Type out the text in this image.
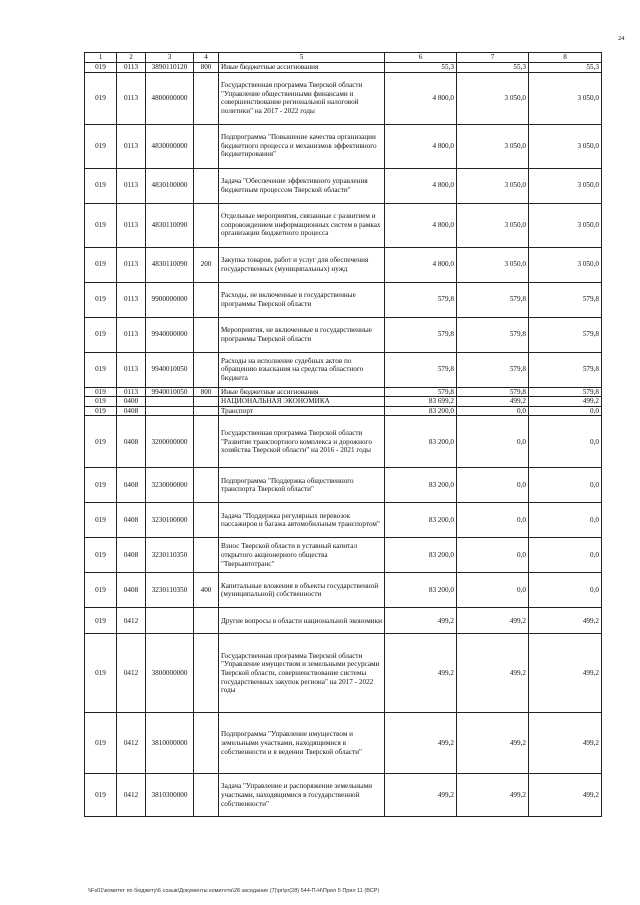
24
1	2	3	4	5	6	7	8
019	0113	3890110120	800	Иные бюджетные ассигнования	55,3	55,3	55,3
019	0113	4800000000		Государственная программа Тверской области "Управление общественными финансами и совершенствование региональной налоговой политики" на 2017 - 2022 годы	4 800,0	3 050,0	3 050,0
019	0113	4830000000		Подпрограмма "Повышение качества организации бюджетного процесса и механизмов эффективного бюджетирования"	4 800,0	3 050,0	3 050,0
019	0113	4830100000		Задача "Обеспечение эффективного управления бюджетным процессом Тверской области"	4 800,0	3 050,0	3 050,0
019	0113	4830110090		Отдельные мероприятия, связанные с развитием и сопровождением информационных систем в рамках организации бюджетного процесса	4 800,0	3 050,0	3 050,0
019	0113	4830110090	200	Закупка товаров, работ и услуг для обеспечения государственных (муниципальных) нужд	4 800,0	3 050,0	3 050,0
019	0113	9900000000		Расходы, не включенные в государственные программы Тверской области	579,8	579,8	579,8
019	0113	9940000000		Мероприятия, не включенные в государственные программы Тверской области	579,8	579,8	579,8
019	0113	9940010050		Расходы на исполнение судебных актов по обращению взыскания на средства областного бюджета	579,8	579,8	579,8
019	0113	9940010050	800	Иные бюджетные ассигнования	579,8	579,8	579,8
019	0400			НАЦИОНАЛЬНАЯ ЭКОНОМИКА	83 699,2	499,2	499,2
019	0408			Транспорт	83 200,0	0,0	0,0
019	0408	3200000000		Государственная программа Тверской области "Развитие транспортного комплекса и дорожного хозяйства Тверской области" на 2016 - 2021 годы	83 200,0	0,0	0,0
019	0408	3230000000		Подпрограмма "Поддержка общественного транспорта Тверской области"	83 200,0	0,0	0,0
019	0408	3230100000		Задача "Поддержка регулярных перевозок пассажиров и багажа автомобильным транспортом"	83 200,0	0,0	0,0
019	0408	3230110350		Взнос Тверской области в уставный капитал открытого акционерного общества "Тверьавтотранс"	83 200,0	0,0	0,0
019	0408	3230110350	400	Капитальные вложения в объекты государственной (муниципальной) собственности	83 200,0	0,0	0,0
019	0412			Другие вопросы в области национальной экономики	499,2	499,2	499,2
019	0412	3800000000		Государственная программа Тверской области "Управление имуществом и земельными ресурсами Тверской области, совершенствование системы государственных закупок региона" на 2017 - 2022 годы	499,2	499,2	499,2
019	0412	3810000000		Подпрограмма "Управление имуществом и земельными участками, находящимися в собственности и в ведении Тверской области"	499,2	499,2	499,2
019	0412	3810300000		Задача "Управление и распоряжение земельными участками, находящимися в государственной собственности"	499,2	499,2	499,2
\\Fs01\комитет по бюджету\6 созыв\Документы комитета\28 заседание (7)\pr\pr(28) 544-П-Н\Прил 5 Прил 11 (ВСР)
